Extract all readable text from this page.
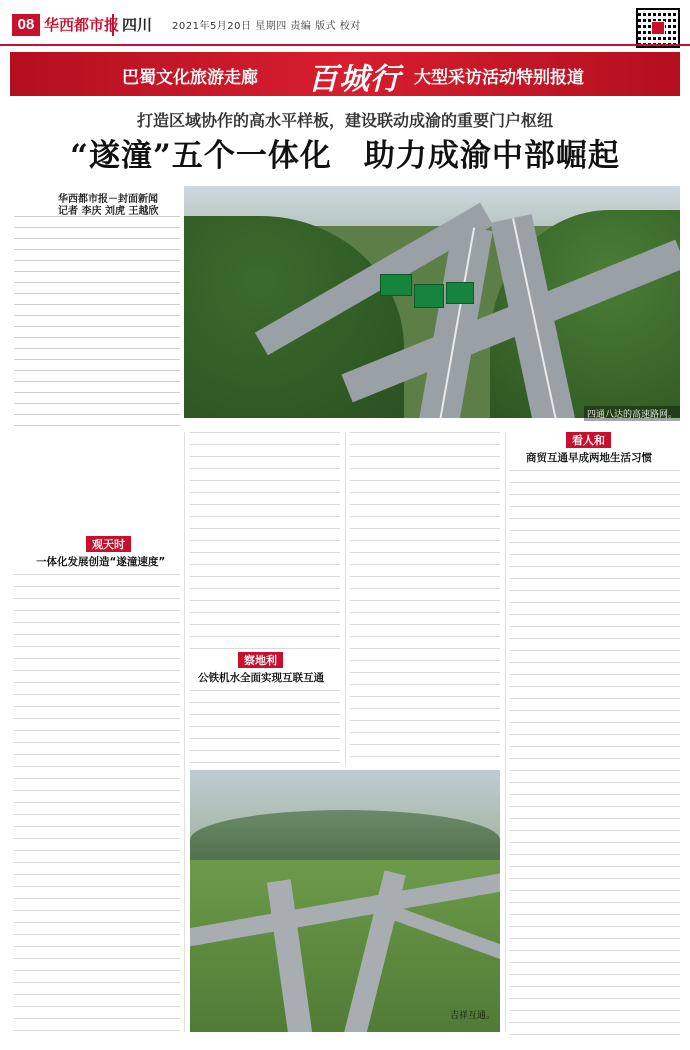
08 华西都市报 四川 2021年5月20日 星期四 责编 版式 校对
巴蜀文化旅游走廊 百城行 大型采访活动特别报道
打造区域协作的高水平样板，建设联动成渝的重要门户枢纽
“遂潼”五个一体化　助力成渝中部崛起
华西都市报－封面新闻
记者 李庆 刘虎 王越欣
四通八达的高速路网。
观天时
一体化发展创造“遂潼速度”
察地利
公铁机水全面实现互联互通
吉祥互通。
看人和
商贸互通早成两地生活习惯
